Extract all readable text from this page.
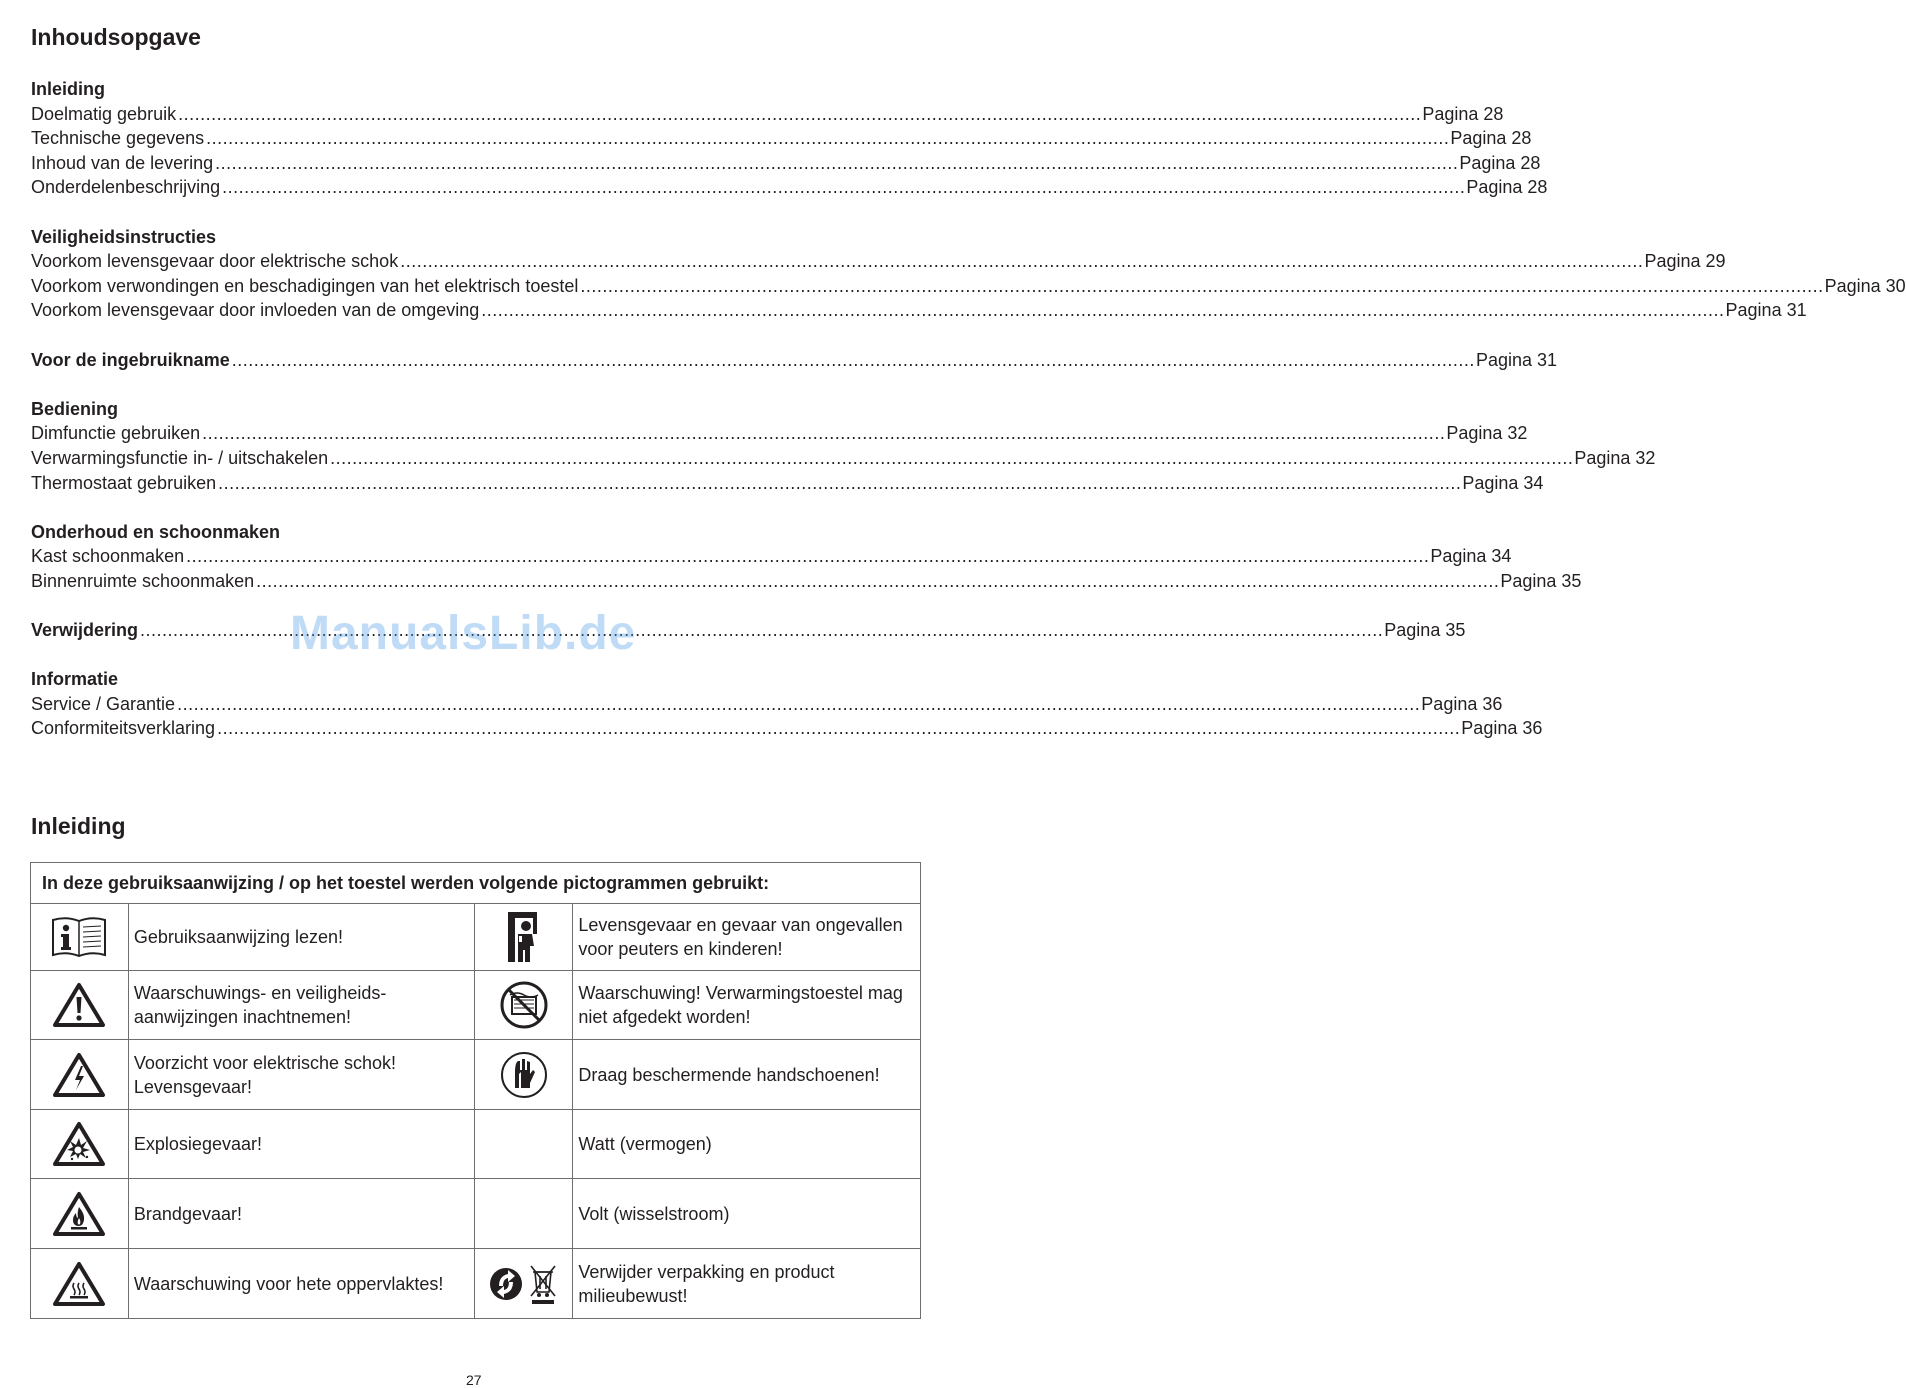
Inhoudsopgave
Inleiding
Doelmatig gebruik .....	Pagina 28
Technische gegevens .....	Pagina 28
Inhoud van de levering .....	Pagina 28
Onderdelenbeschrijving .....	Pagina 28
Veiligheidsinstructies
Voorkom levensgevaar door elektrische schok .....	Pagina 29
Voorkom verwondingen en beschadigingen van het elektrisch toestel .....	Pagina 30
Voorkom levensgevaar door invloeden van de omgeving .....	Pagina 31
Voor de ingebruikname .....	Pagina 31
Bediening
Dimfunctie gebruiken .....	Pagina 32
Verwarmingsfunctie in- / uitschakelen .....	Pagina 32
Thermostaat gebruiken .....	Pagina 34
Onderhoud en schoonmaken
Kast schoonmaken .....	Pagina 34
Binnenruimte schoonmaken .....	Pagina 35
Verwijdering .....	Pagina 35
Informatie
Service / Garantie .....	Pagina 36
Conformiteitsverklaring .....	Pagina 36
ManualsLib.de
Inleiding
In deze gebruiksaanwijzing / op het toestel werden volgende pictogrammen gebruikt:			

	Gebruiksaanwijzing lezen!		Levensgevaar en gevaar van ongevallen voor peuters en kinderen!

	Waarschuwings- en veiligheids-aanwijzingen inachtnemen!		Waarschuwing! Verwarmingstoestel mag niet afgedekt worden!

	Voorzicht voor elektrische schok! Levensgevaar!		Draag beschermende handschoenen!

	Explosiegevaar!		Watt (vermogen)

	Brandgevaar!		Volt (wisselstroom)

	Waarschuwing voor hete oppervlaktes!		Verwijder verpakking en product milieubewust!
27
